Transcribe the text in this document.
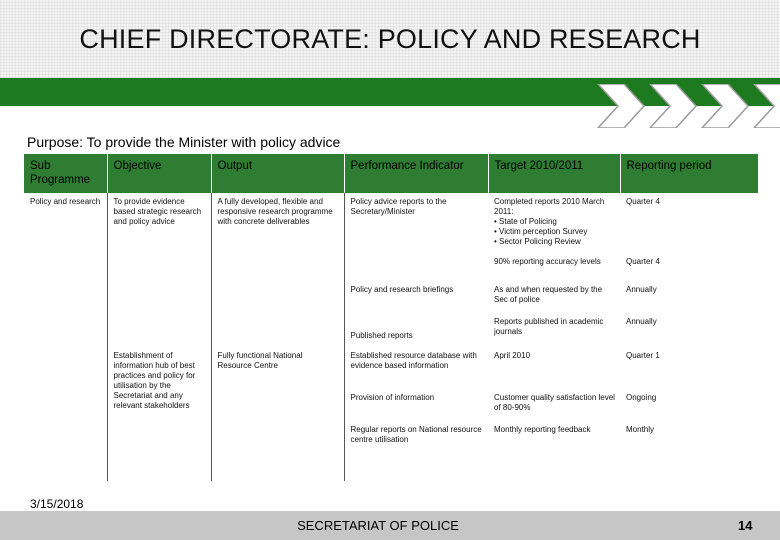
CHIEF DIRECTORATE: POLICY AND RESEARCH
Purpose: To provide the Minister with policy advice
Sub Programme	Objective	Output	Performance Indicator	Target 2010/2011	Reporting period
Policy and research	To provide evidence based strategic research and policy advice	A fully developed, flexible and responsive research programme with concrete deliverables	Policy advice reports to the Secretary/Minister	Completed reports 2010 March 2011:
• State of Policing
• Victim perception Survey
• Sector Policing Review	Quarter 4
				90% reporting accuracy levels	Quarter 4
			Policy and research briefings	As and when requested by the Sec of police	Annually
			Published reports	Reports published in academic journals	Annually
	Establishment of information hub of best practices and policy for utilisation by the Secretariat and any relevant stakeholders	Fully functional National Resource Centre	Established resource database with evidence based information	April 2010	Quarter 1
			Provision of information	Customer quality satisfaction level of 80-90%	Ongoing
			Regular reports on National resource centre utilisation	Monthly reporting feedback	Monthly
3/15/2018
SECRETARIAT OF POLICE	14
